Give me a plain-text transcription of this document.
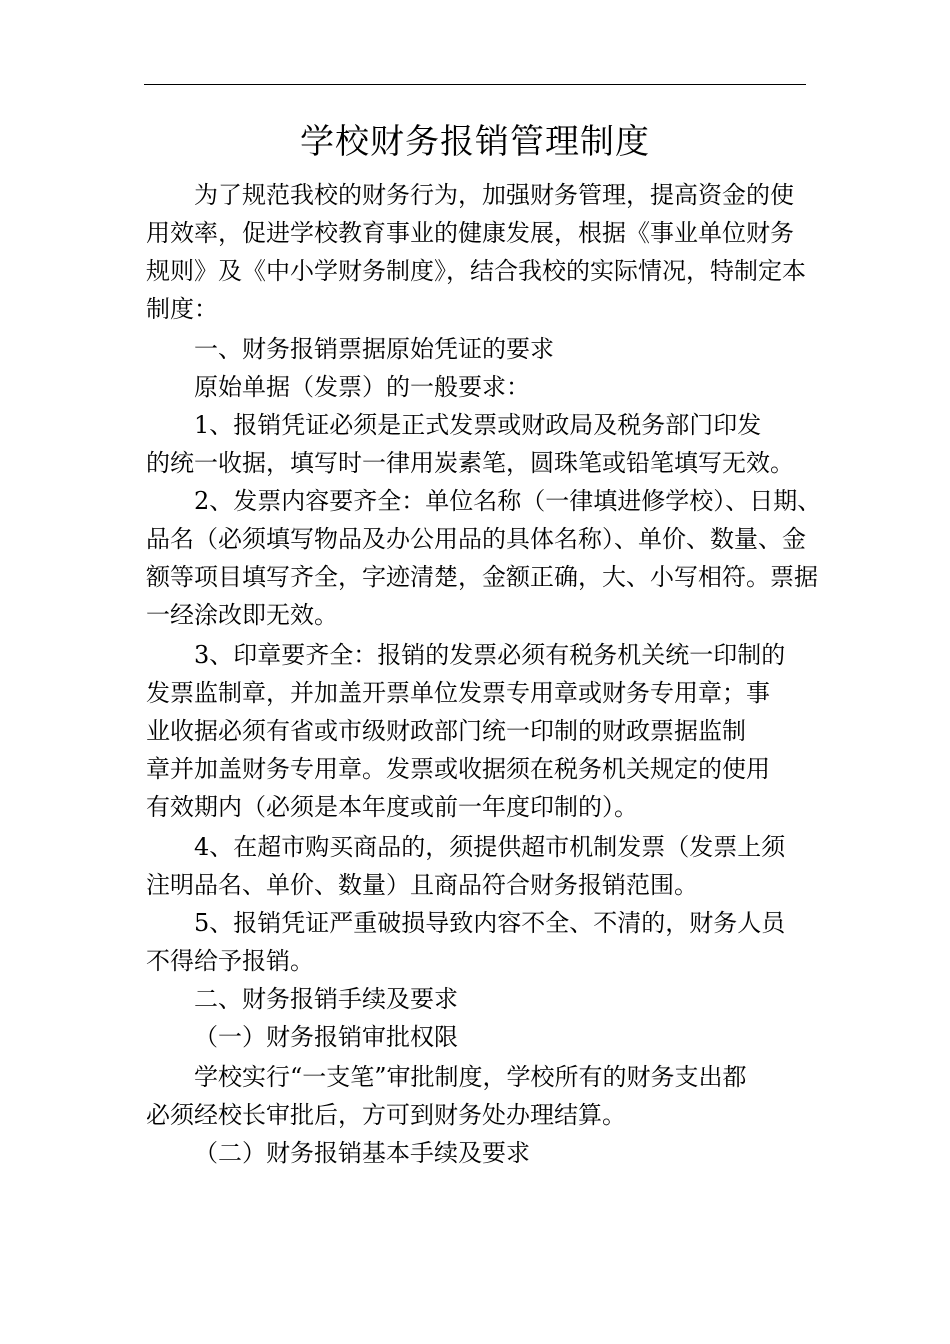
学校财务报销管理制度
为了规范我校的财务行为，加强财务管理，提高资金的使
用效率，促进学校教育事业的健康发展，根据《事业单位财务
规则》及《中小学财务制度》，结合我校的实际情况，特制定本
制度：
一、财务报销票据原始凭证的要求
原始单据（发票）的一般要求：
1、报销凭证必须是正式发票或财政局及税务部门印发
的统一收据，填写时一律用炭素笔，圆珠笔或铅笔填写无效。
2、发票内容要齐全：单位名称（一律填进修学校）、日期、
品名（必须填写物品及办公用品的具体名称）、单价、数量、金
额等项目填写齐全，字迹清楚，金额正确，大、小写相符。票据
一经涂改即无效。
3、印章要齐全：报销的发票必须有税务机关统一印制的
发票监制章，并加盖开票单位发票专用章或财务专用章；事
业收据必须有省或市级财政部门统一印制的财政票据监制
章并加盖财务专用章。发票或收据须在税务机关规定的使用
有效期内（必须是本年度或前一年度印制的）。
4、在超市购买商品的，须提供超市机制发票（发票上须
注明品名、单价、数量）且商品符合财务报销范围。
5、报销凭证严重破损导致内容不全、不清的，财务人员
不得给予报销。
二、财务报销手续及要求
（一）财务报销审批权限
学校实行“一支笔”审批制度，学校所有的财务支出都
必须经校长审批后，方可到财务处办理结算。
（二）财务报销基本手续及要求
